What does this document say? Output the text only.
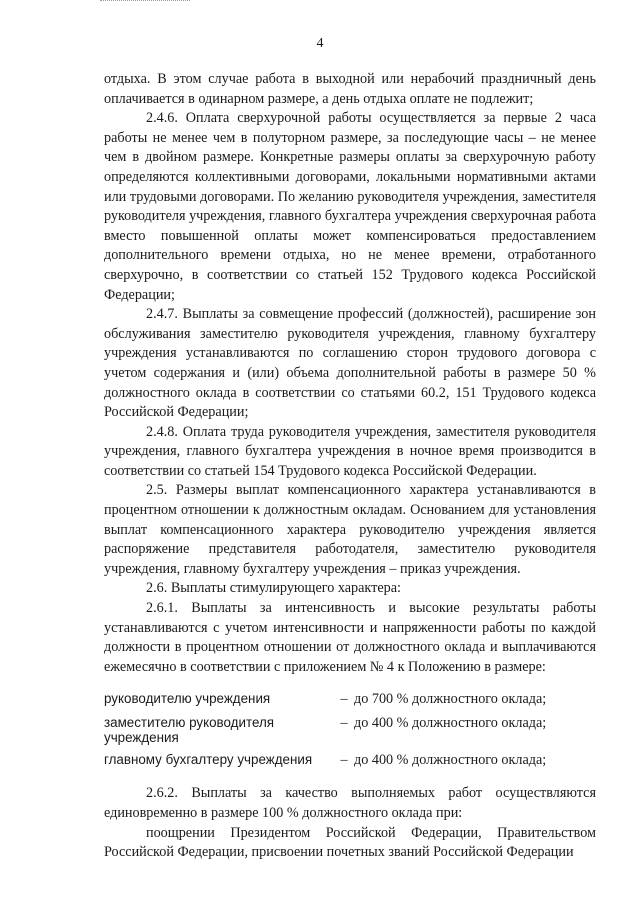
4

отдыха. В этом случае работа в выходной или нерабочий праздничный день оплачивается в одинарном размере, а день отдыха оплате не подлежит;

2.4.6. Оплата сверхурочной работы осуществляется за первые 2 часа работы не менее чем в полуторном размере, за последующие часы – не менее чем в двойном размере. Конкретные размеры оплаты за сверхурочную работу определяются коллективными договорами, локальными нормативными актами или трудовыми договорами. По желанию руководителя учреждения, заместителя руководителя учреждения, главного бухгалтера учреждения сверхурочная работа вместо повышенной оплаты может компенсироваться предоставлением дополнительного времени отдыха, но не менее времени, отработанного сверхурочно, в соответствии со статьей 152 Трудового кодекса Российской Федерации;

2.4.7. Выплаты за совмещение профессий (должностей), расширение зон обслуживания заместителю руководителя учреждения, главному бухгалтеру учреждения устанавливаются по соглашению сторон трудового договора с учетом содержания и (или) объема дополнительной работы в размере 50 % должностного оклада в соответствии со статьями 60.2, 151 Трудового кодекса Российской Федерации;

2.4.8. Оплата труда руководителя учреждения, заместителя руководителя учреждения, главного бухгалтера учреждения в ночное время производится в соответствии со статьей 154 Трудового кодекса Российской Федерации.

2.5. Размеры выплат компенсационного характера устанавливаются в процентном отношении к должностным окладам. Основанием для установления выплат компенсационного характера руководителю учреждения является распоряжение представителя работодателя, заместителю руководителя учреждения, главному бухгалтеру учреждения – приказ учреждения.

2.6. Выплаты стимулирующего характера:

2.6.1. Выплаты за интенсивность и высокие результаты работы устанавливаются с учетом интенсивности и напряженности работы по каждой должности в процентном отношении от должностного оклада и выплачиваются ежемесячно в соответствии с приложением № 4 к Положению в размере:

руководителю учреждения	– до 700 % должностного оклада;
заместителю руководителя учреждения
– до 400 % должностного оклада;
главному бухгалтеру учреждения	– до 400 % должностного оклада;

2.6.2. Выплаты за качество выполняемых работ осуществляются единовременно в размере 100 % должностного оклада при:

поощрении Президентом Российской Федерации, Правительством Российской Федерации, присвоении почетных званий Российской Федерации
